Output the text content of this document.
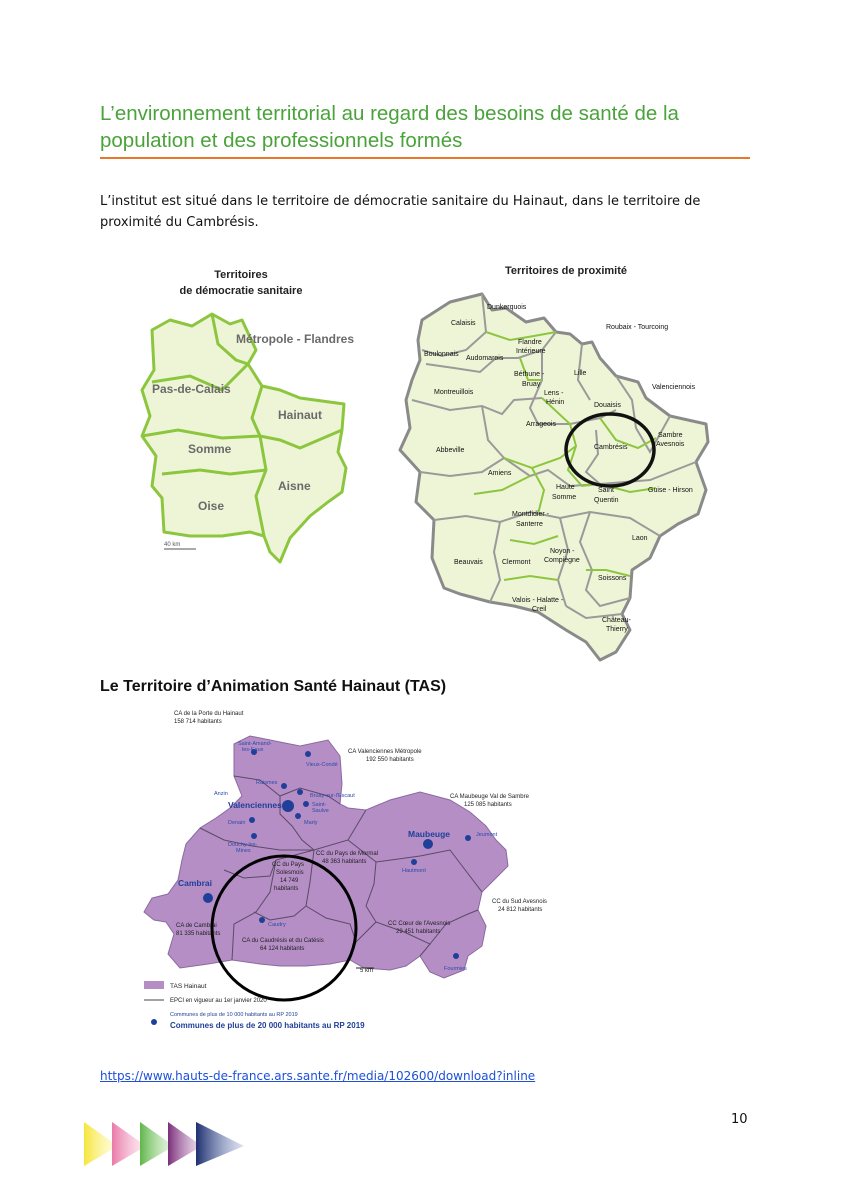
L’environnement territorial au regard des besoins de santé de la population et des professionnels formés

L’institut est situé dans le territoire de démocratie sanitaire du Hainaut, dans le territoire de proximité du Cambrésis.

Territoires
de démocratie sanitaire
Métropole - Flandres
Pas-de-Calais
Hainaut
Somme
Aisne
Oise
40 km
Territoires de proximité
Dunkerquois
Calaisis
Roubaix - Tourcoing
Flandre
Intérieure
Boulonnais
Audomarois
Lille
Béthune -
Bruay
Montreuillois	Lens -
Hénin
Valenciennois
Douaisis
Arrageois
Sambre
Avesnois
Cambrésis
Abbeville
Amiens
Haute
Somme
Saint
Quentin
Guise - Hirson
Montdidier -
Santerre
Laon
Noyon -
Compiègne
Beauvais	Clermont
Soissons
Valois - Halatte -
Creil
Château-
Thierry
Le Territoire d’Animation Santé Hainaut (TAS)
CA de la Porte du Hainaut
158 714 habitants
CA Valenciennes Métropole
192 550 habitants
CA Maubeuge Val de Sambre
125 085 habitants
CC du Pays de Mormal
48 363 habitants
CC du Pays
Solesmois
14 749
habitants
CC du Sud Avesnois
24 812 habitants
CC Cœur de l'Avesnois
29 451 habitants
CA de Cambrai
81 335 habitants
CA du Caudrésis et du Catésis
64 124 habitants
Saint-Amand-
les-Eaux
Vieux-Condé
Raismes
Anzin	Bruay-sur-l'Escaut
Valenciennes	Saint-
Saulve
Denain	Marly
Douchy-les-
Mines
Maubeuge	Jeumont
Hautmont
Cambrai
Caudry
Fourmies
5 km
TAS Hainaut
EPCI en vigueur au 1er janvier 2020
Communes de plus de 10 000 habitants au RP 2019
Communes de plus de 20 000 habitants au RP 2019
https://www.hauts-de-france.ars.sante.fr/media/102600/download?inline
10
